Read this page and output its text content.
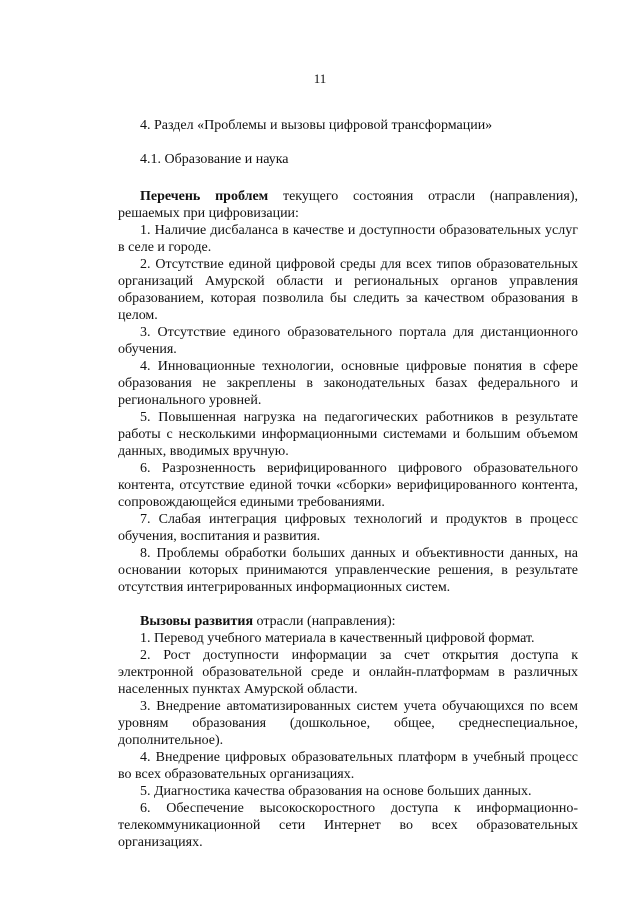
11

4. Раздел «Проблемы и вызовы цифровой трансформации»

4.1. Образование и наука

Перечень проблем текущего состояния отрасли (направления), решаемых при цифровизации:

1. Наличие дисбаланса в качестве и доступности образовательных услуг в селе и городе.

2. Отсутствие единой цифровой среды для всех типов образовательных организаций Амурской области и региональных органов управления образованием, которая позволила бы следить за качеством образования в целом.

3. Отсутствие единого образовательного портала для дистанционного обучения.

4. Инновационные технологии, основные цифровые понятия в сфере образования не закреплены в законодательных базах федерального и регионального уровней.

5. Повышенная нагрузка на педагогических работников в результате работы с несколькими информационными системами и большим объемом данных, вводимых вручную.

6. Разрозненность верифицированного цифрового образовательного контента, отсутствие единой точки «сборки» верифицированного контента, сопровождающейся едиными требованиями.

7. Слабая интеграция цифровых технологий и продуктов в процесс обучения, воспитания и развития.

8. Проблемы обработки больших данных и объективности данных, на основании которых принимаются управленческие решения, в результате отсутствия интегрированных информационных систем.

Вызовы развития отрасли (направления):

1. Перевод учебного материала в качественный цифровой формат.

2. Рост доступности информации за счет открытия доступа к электронной образовательной среде и онлайн-платформам в различных населенных пунктах Амурской области.

3. Внедрение автоматизированных систем учета обучающихся по всем уровням образования (дошкольное, общее, среднеспециальное, дополнительное).

4. Внедрение цифровых образовательных платформ в учебный процесс во всех образовательных организациях.

5. Диагностика качества образования на основе больших данных.

6. Обеспечение высокоскоростного доступа к информационно-телекоммуникационной сети Интернет во всех образовательных организациях.
